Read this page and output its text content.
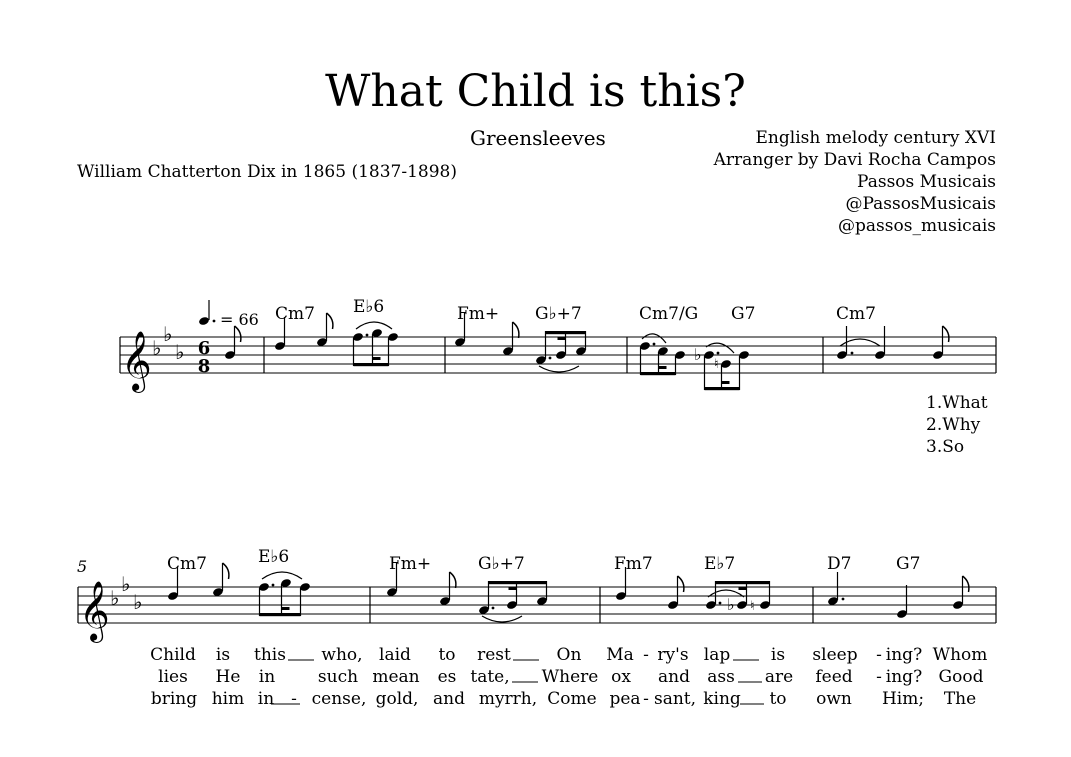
What Child is this?
Greensleeves
William Chatterton Dix in 1865 (1837-1898)
English melody century XVI
Arranger by Davi Rocha Campos
Passos Musicais
@PassosMusicais
@passos_musicais
𝄞 ♭
♭
♭ 6
8
= 66 Cm7 E♭6	Fm+ G♭+7	Cm7/G G7	Cm7
♭
♮
1.What
2.Why
3.So
5
𝄞 ♭
♭
♭
Cm7	E♭6	Fm+	G♭+7	Fm7	E♭7	D7	G7
♭ ♮
Child is this who, laid to rest	On Ma - ry's lap is sleep - ing? Whom
lies He in	such mean es tate, Where ox and ass are feed - ing? Good
bring him in - cense, gold, and myrrh, Come pea - sant, king to own Him; The
